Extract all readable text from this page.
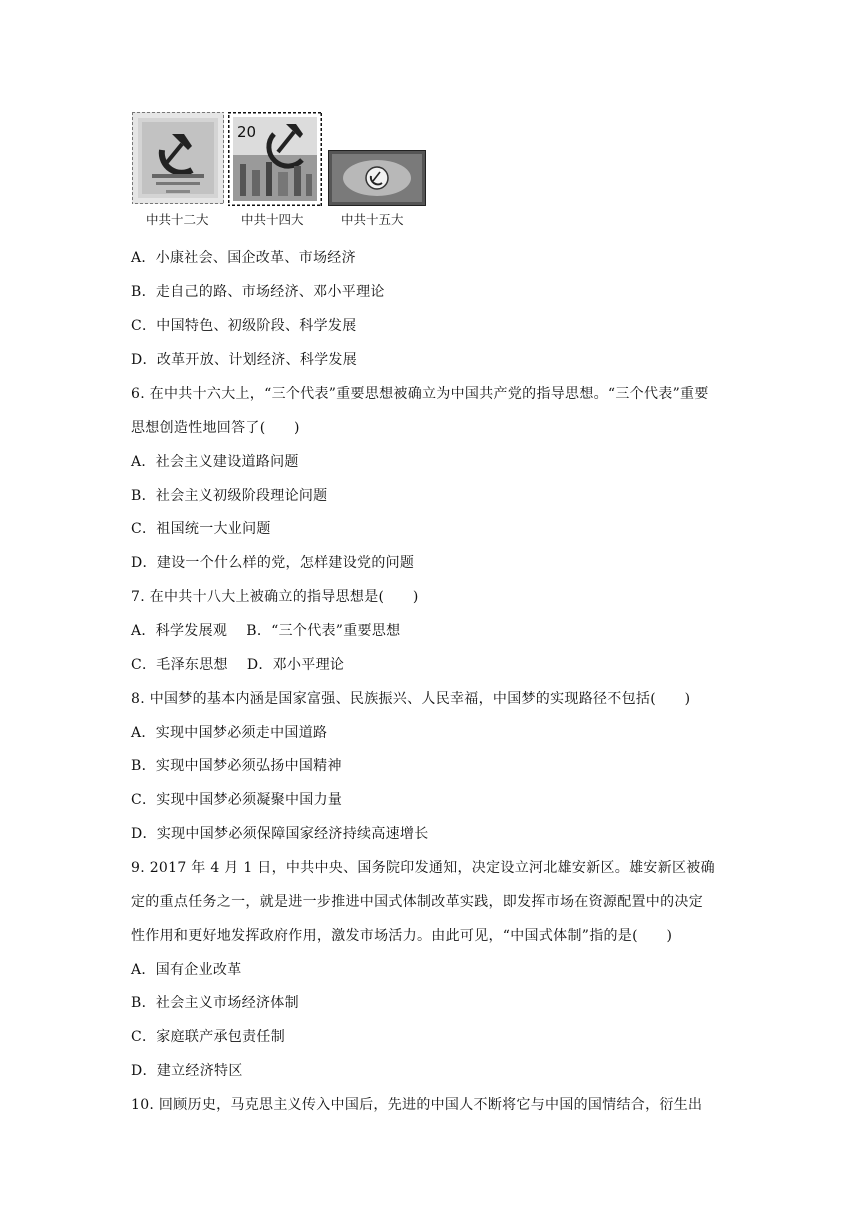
20
中共十二大	中共十四大	中共十五大
A．小康社会、国企改革、市场经济
B．走自己的路、市场经济、邓小平理论
C．中国特色、初级阶段、科学发展
D．改革开放、计划经济、科学发展
6. 在中共十六大上，“三个代表”重要思想被确立为中国共产党的指导思想。“三个代表”重要
思想创造性地回答了(　　)
A．社会主义建设道路问题
B．社会主义初级阶段理论问题
C．祖国统一大业问题
D．建设一个什么样的党，怎样建设党的问题
7. 在中共十八大上被确立的指导思想是(　　)
A．科学发展观　 B．“三个代表”重要思想
C．毛泽东思想　 D．邓小平理论
8. 中国梦的基本内涵是国家富强、民族振兴、人民幸福，中国梦的实现路径不包括(　　)
A．实现中国梦必须走中国道路
B．实现中国梦必须弘扬中国精神
C．实现中国梦必须凝聚中国力量
D．实现中国梦必须保障国家经济持续高速增长
9. 2017 年 4 月 1 日，中共中央、国务院印发通知，决定设立河北雄安新区。雄安新区被确
定的重点任务之一，就是进一步推进中国式体制改革实践，即发挥市场在资源配置中的决定
性作用和更好地发挥政府作用，激发市场活力。由此可见，“中国式体制”指的是(　　)
A．国有企业改革
B．社会主义市场经济体制
C．家庭联产承包责任制
D．建立经济特区
10. 回顾历史，马克思主义传入中国后，先进的中国人不断将它与中国的国情结合，衍生出
